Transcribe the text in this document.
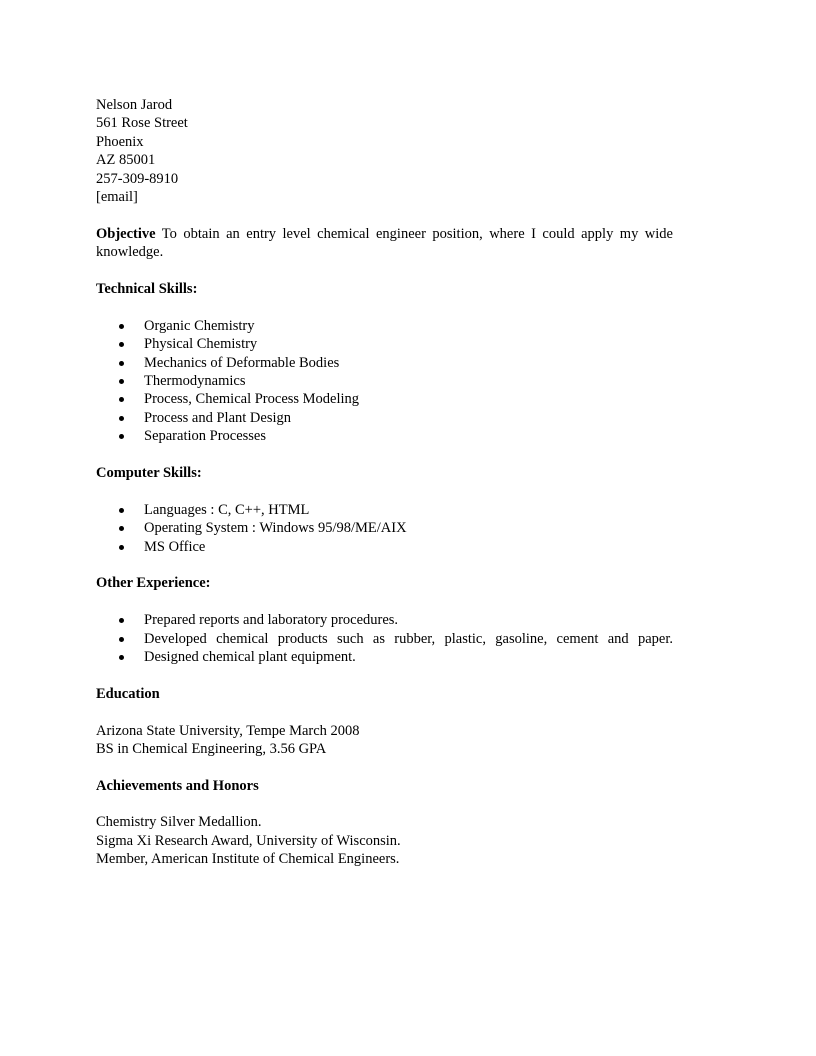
Nelson Jarod
561 Rose Street
Phoenix
AZ 85001
257-309-8910
[email]
Objective To obtain an entry level chemical engineer position, where I could apply my wide knowledge.
Technical Skills:
Organic Chemistry
Physical Chemistry
Mechanics of Deformable Bodies
Thermodynamics
Process, Chemical Process Modeling
Process and Plant Design
Separation Processes
Computer Skills:
Languages : C, C++, HTML
Operating System : Windows 95/98/ME/AIX
MS Office
Other Experience:
Prepared reports and laboratory procedures.
Developed chemical products such as rubber, plastic, gasoline, cement and paper.
Designed chemical plant equipment.
Education
Arizona State University, Tempe March 2008
BS in Chemical Engineering, 3.56 GPA
Achievements and Honors
Chemistry Silver Medallion.
Sigma Xi Research Award, University of Wisconsin.
Member, American Institute of Chemical Engineers.
